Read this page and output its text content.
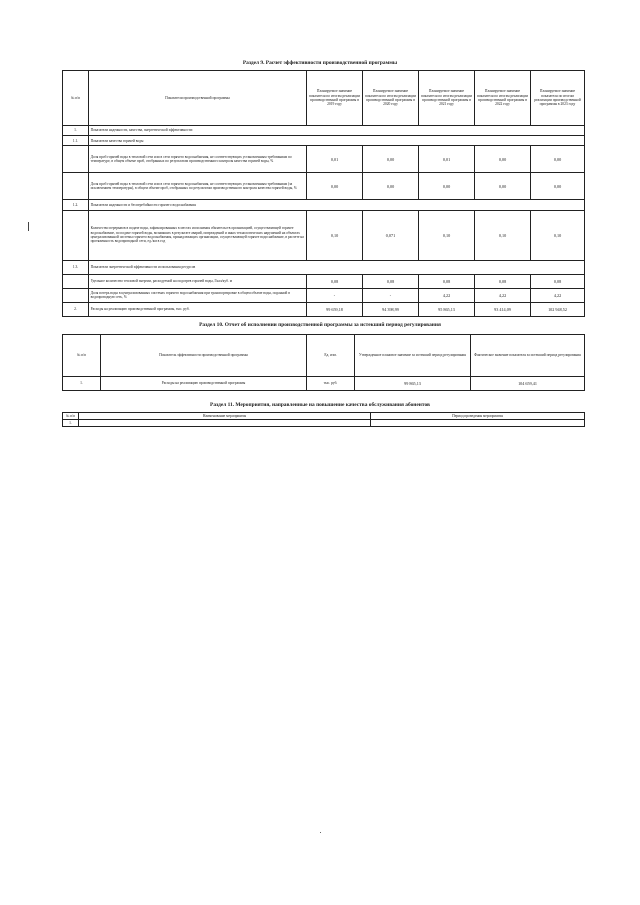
Раздел 9. Расчет эффективности производственной программы
№ п/п	Показатели производственной программы	Планируемое значение показателя по итогам реализации производственной программы в 2019 году	Планируемое значение показателя по итогам реализации производственной программы в 2020 году	Планируемое значение показателя по итогам реализации производственной программы в 2021 году	Планируемое значение показателя по итогам реализации производственной программы в 2022 году	Планируемое значение показателя по итогам реализации производственной программы в 2023 году
1.	Показатели надежности, качества, энергетической эффективности:					
1.1.	Показатели качества горячей воды					
	Доля проб горячей воды в тепловой сети или в сети горячего водоснабжения, не соответствующих установленным требованиям по температуре, в общем объеме проб, отобранных по результатам производственного контроля качества горячей воды, %	0,01	0,00	0,01	0,00	0,00
	Доля проб горячей воды в тепловой сети или в сети горячего водоснабжения, не соответствующих установленным требованиям (за исключением температуры), в общем объеме проб, отобранных по результатам производственного контроля качества горячей воды, %	0,00	0,00	0,00	0,00	0,00
1.2.	Показатели надежности и бесперебойности горячего водоснабжения					
	Количество перерывов в подаче воды, зафиксированных в местах исполнения обязательств организацией, осуществляющей горячее водоснабжение, по подаче горячей воды, возникших в результате аварий, повреждений и иных технологических нарушений на объектах централизованной системы горячего водоснабжения, принадлежащих организации, осуществляющей горячее водоснабжение, в расчете на протяженность водопроводной сети, ед./км в год	0,10	0,071	0,10	0,10	0,10
1.3.	Показатели энергетической эффективности использования ресурсов					
	Удельное количество тепловой энергии, расходуемой на подогрев горячей воды, Гкал/куб. м	0,08	0,08	0,08	0,08	0,08
	Доля потерь воды в централизованных системах горячего водоснабжения при транспортировке в общем объеме воды, поданной в водопроводную сеть, %	-	-	4,22	4,22	4,22
2.	Расходы на реализацию производственной программы, тыс. руб.	99 659,18	94 398,99	95 865,13	93 414,09	102 948,52
Раздел 10. Отчет об исполнении производственной программы за истекший период регулирования
№ п/п	Показатель эффективности производственной программы	Ед. изм.	Утвержденное плановое значение за истекший период регулирования	Фактическое значение показателя за истекший период регулирования
1.	Расходы на реализацию производственной программы	тыс. руб.	99 865,13	104 659,41
Раздел 11. Мероприятия, направленные на повышение качества обслуживания абонентов
№ п/п	Наименование мероприятия	Период проведения мероприятия
1.		
